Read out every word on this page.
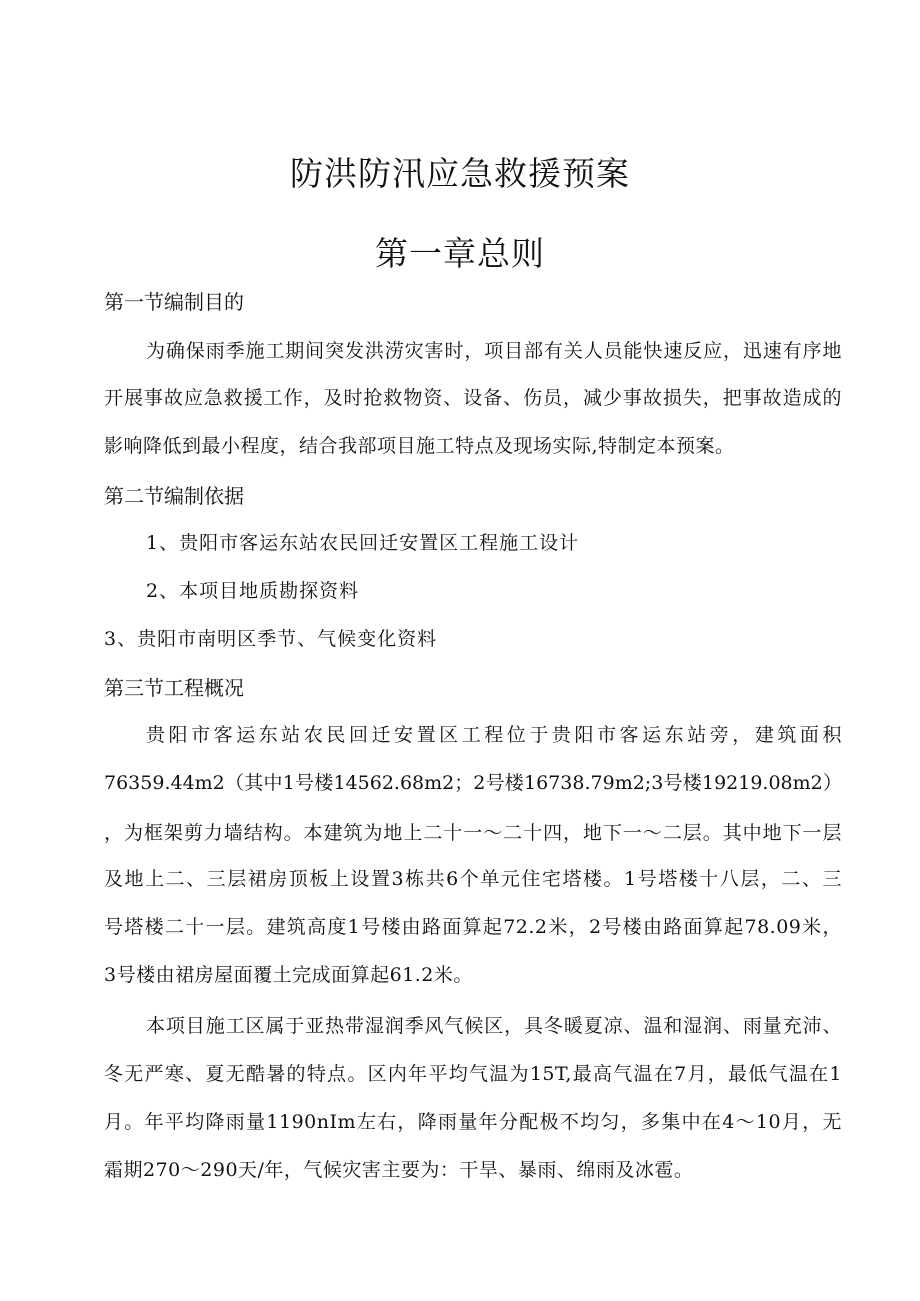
防洪防汛应急救援预案
第一章总则
第一节编制目的

为确保雨季施工期间突发洪涝灾害时，项目部有关人员能快速反应，迅速有序地

开展事故应急救援工作，及时抢救物资、设备、伤员，减少事故损失，把事故造成的

影响降低到最小程度，结合我部项目施工特点及现场实际,特制定本预案。

第二节编制依据

1、贵阳市客运东站农民回迁安置区工程施工设计

2、本项目地质勘探资料

3、贵阳市南明区季节、气候变化资料

第三节工程概况

贵阳市客运东站农民回迁安置区工程位于贵阳市客运东站旁，建筑面积

76359.44m2（其中1号楼14562.68m2；2号楼16738.79m2;3号楼19219.08m2）

，为框架剪力墙结构。本建筑为地上二十一～二十四，地下一～二层。其中地下一层

及地上二、三层裙房顶板上设置3栋共6个单元住宅塔楼。1号塔楼十八层，二、三

号塔楼二十一层。建筑高度1号楼由路面算起72.2米，2号楼由路面算起78.09米，

3号楼由裙房屋面覆土完成面算起61.2米。

本项目施工区属于亚热带湿润季风气候区，具冬暖夏凉、温和湿润、雨量充沛、

冬无严寒、夏无酷暑的特点。区内年平均气温为15T,最高气温在7月，最低气温在1

月。年平均降雨量1190nIm左右，降雨量年分配极不均匀，多集中在4～10月，无

霜期270～290天/年，气候灾害主要为：干旱、暴雨、绵雨及冰雹。
